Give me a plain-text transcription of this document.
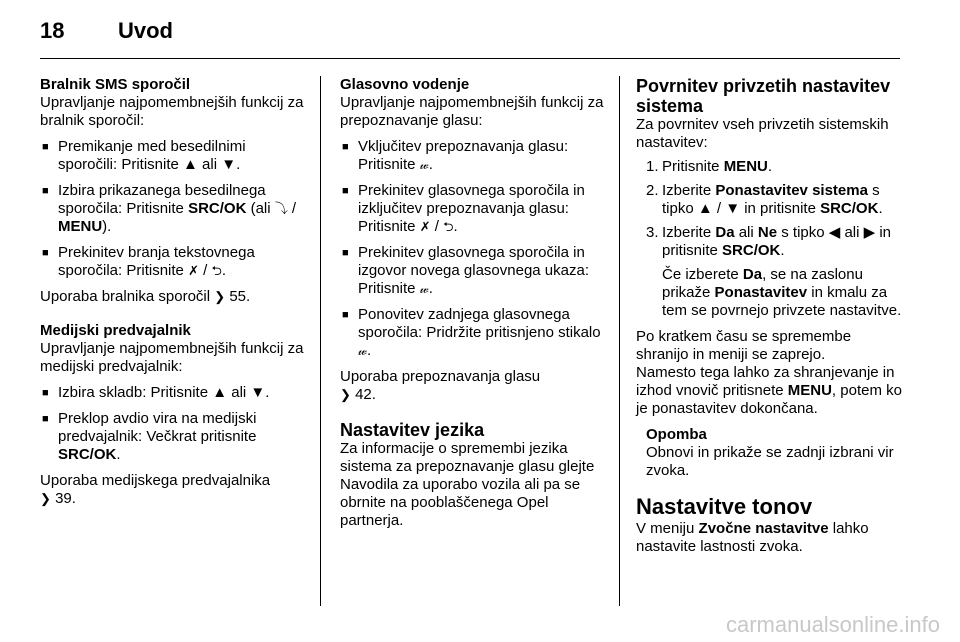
18 Uvod

Bralnik SMS sporočil

Upravljanje najpomembnejših funkcij za bralnik sporočil:

■ Premikanje med besedilnimi sporočili: Pritisnite ▲ ali ▼.

■ Izbira prikazanega besedilnega sporočila: Pritisnite SRC/OK (ali ⤵ / MENU).

■ Prekinitev branja tekstovnega sporočila: Pritisnite ✗ / ⮌.

Uporaba bralnika sporočil ❯ 55.

Medijski predvajalnik

Upravljanje najpomembnejših funkcij za medijski predvajalnik:

■ Izbira skladb: Pritisnite ▲ ali ▼.

■ Preklop avdio vira na medijski predvajalnik: Večkrat pritisnite SRC/OK.

Uporaba medijskega predvajalnika
❯ 39.

Glasovno vodenje

Upravljanje najpomembnejših funkcij za prepoznavanje glasu:

■ Vključitev prepoznavanja glasu: Pritisnite 𝓌.

■ Prekinitev glasovnega sporočila in izključitev prepoznavanja glasu: Pritisnite ✗ / ⮌.

■ Prekinitev glasovnega sporočila in izgovor novega glasovnega ukaza: Pritisnite 𝓌.

■ Ponovitev zadnjega glasovnega sporočila: Pridržite pritisnjeno stikalo 𝓌.

Uporaba prepoznavanja glasu
❯ 42.

Nastavitev jezika

Za informacije o spremembi jezika sistema za prepoznavanje glasu glejte Navodila za uporabo vozila ali pa se obrnite na pooblaščenega Opel partnerja.

Povrnitev privzetih nastavitev sistema

Za povrnitev vseh privzetih sistemskih nastavitev:

1. Pritisnite MENU.

2. Izberite Ponastavitev sistema s tipko ▲ / ▼ in pritisnite SRC/OK.

3. Izberite Da ali Ne s tipko ◀ ali ▶ in pritisnite SRC/OK.

Če izberete Da, se na zaslonu prikaže Ponastavitev in kmalu za tem se povrnejo privzete nastavitve.

Po kratkem času se spremembe shranijo in meniji se zaprejo.

Namesto tega lahko za shranjevanje in izhod vnovič pritisnete MENU, potem ko je ponastavitev dokončana.

Opomba

Obnovi in prikaže se zadnji izbrani vir zvoka.

Nastavitve tonov

V meniju Zvočne nastavitve lahko nastavite lastnosti zvoka.

carmanualsonline.info
